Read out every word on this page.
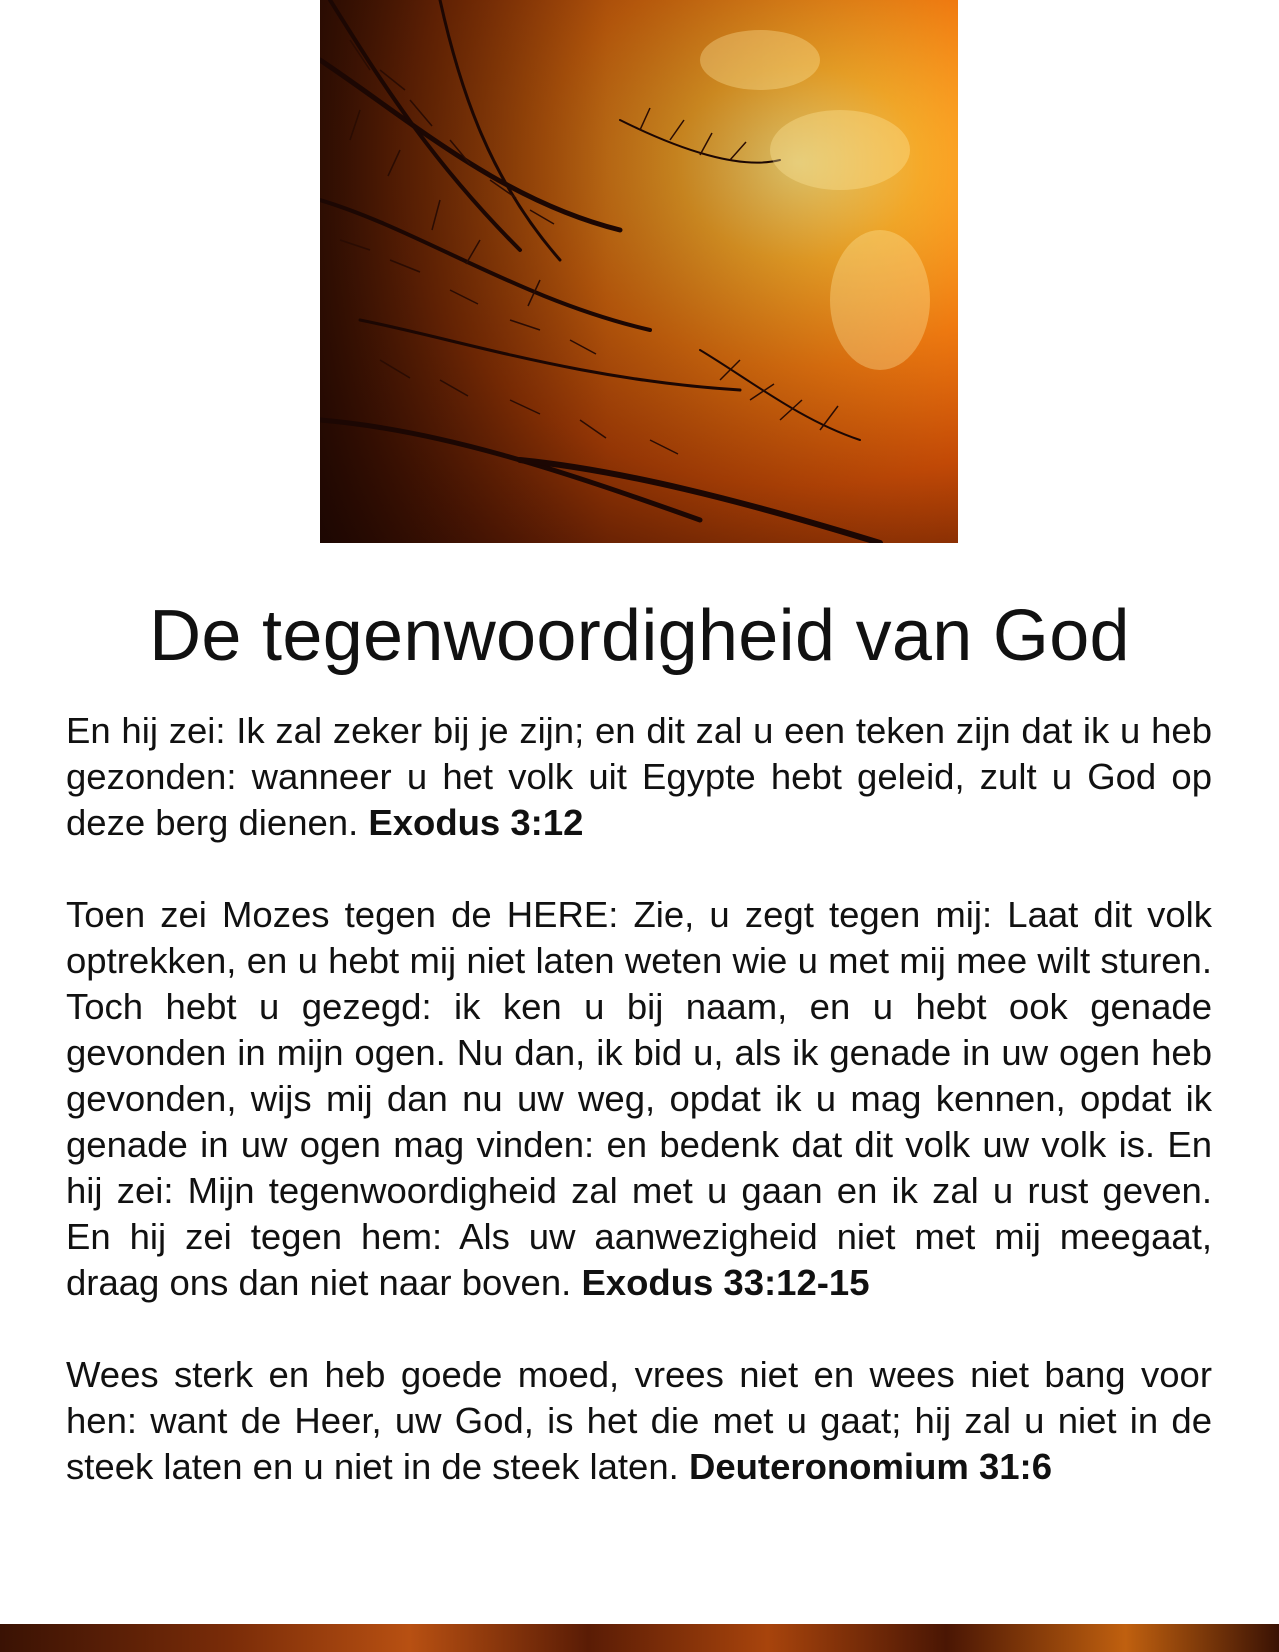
De tegenwoordigheid van God

En hij zei: Ik zal zeker bij je zijn; en dit zal u een teken zijn dat ik u heb gezonden: wanneer u het volk uit Egypte hebt geleid, zult u God op deze berg dienen. Exodus 3:12

Toen zei Mozes tegen de HERE: Zie, u zegt tegen mij: Laat dit volk optrekken, en u hebt mij niet laten weten wie u met mij mee wilt sturen. Toch hebt u gezegd: ik ken u bij naam, en u hebt ook genade gevonden in mijn ogen. Nu dan, ik bid u, als ik genade in uw ogen heb gevonden, wijs mij dan nu uw weg, opdat ik u mag kennen, opdat ik genade in uw ogen mag vinden: en bedenk dat dit volk uw volk is. En hij zei: Mijn tegenwoordigheid zal met u gaan en ik zal u rust geven. En hij zei tegen hem: Als uw aanwezigheid niet met mij meegaat, draag ons dan niet naar boven. Exodus 33:12-15

Wees sterk en heb goede moed, vrees niet en wees niet bang voor hen: want de Heer, uw God, is het die met u gaat; hij zal u niet in de steek laten en u niet in de steek laten. Deuteronomium 31:6
